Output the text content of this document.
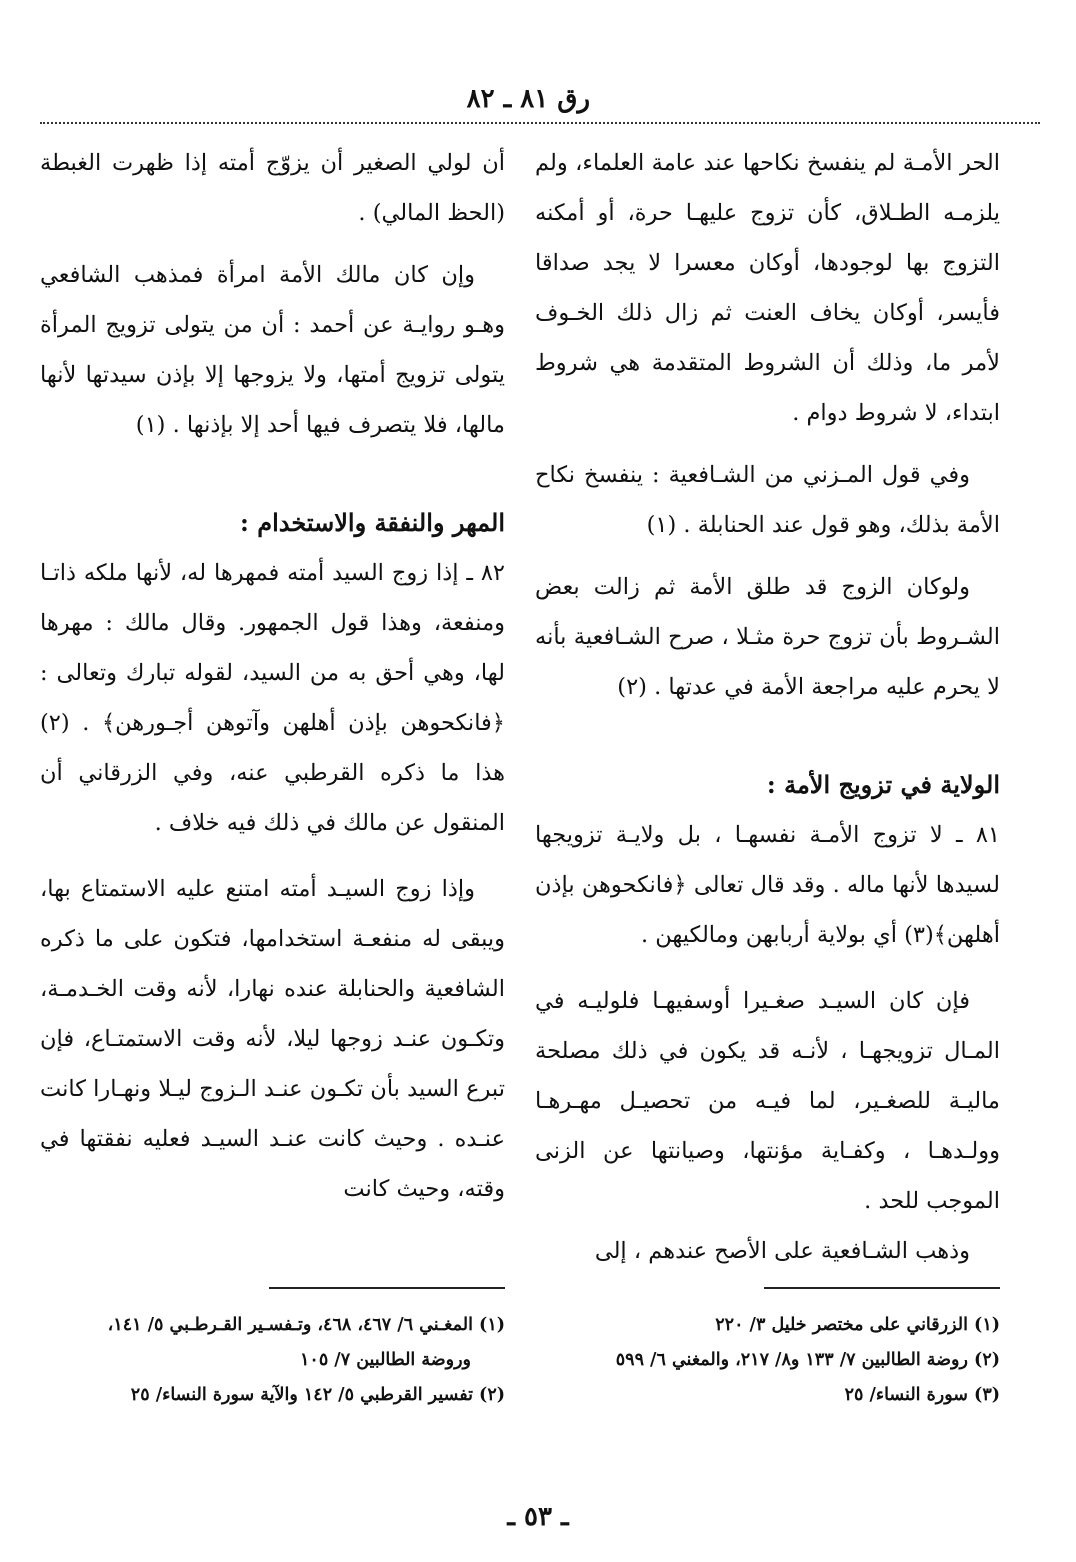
رق ٨١ ـ ٨٢

الحر الأمـة لم ينفسخ نكاحها عند عامة العلماء، ولم يلزمـه الطـلاق، كأن تزوج عليهـا حرة، أو أمكنه التزوج بها لوجودها، أوكان معسرا لا يجد صداقا فأيسر، أوكان يخاف العنت ثم زال ذلك الخـوف لأمر ما، وذلك أن الشروط المتقدمة هي شروط ابتداء، لا شروط دوام .

وفي قول المـزني من الشـافعية : ينفسخ نكاح الأمة بذلك، وهو قول عند الحنابلة . (١)

ولوكان الزوج قد طلق الأمة ثم زالت بعض الشـروط بأن تزوج حرة مثـلا ، صرح الشـافعية بأنه لا يحرم عليه مراجعة الأمة في عدتها . (٢)

الولاية في تزويج الأمة :

٨١ ـ لا تزوج الأمـة نفسهـا ، بل ولايـة تزويجها لسيدها لأنها ماله . وقد قال تعالى ﴿فانكحوهن بإذن أهلهن﴾(٣) أي بولاية أربابهن ومالكيهن .

فإن كان السيـد صغـيرا أوسفيهـا فلوليـه في المـال تزويجهـا ، لأنـه قد يكون في ذلك مصلحة ماليـة للصغـير، لما فيـه من تحصيـل مهـرهـا وولـدهـا ، وكفـاية مؤنتها، وصيانتها عن الزنى الموجب للحد .

وذهب الشـافعية على الأصح عندهم ، إلى

أن لولي الصغير أن يزوّج أمته إذا ظهرت الغبطة (الحظ المالي) .

وإن كان مالك الأمة امرأة فمذهب الشافعي وهـو روايـة عن أحمد : أن من يتولى تزويج المرأة يتولى تزويج أمتها، ولا يزوجها إلا بإذن سيدتها لأنها مالها، فلا يتصرف فيها أحد إلا بإذنها . (١)

المهر والنفقة والاستخدام :

٨٢ ـ إذا زوج السيد أمته فمهرها له، لأنها ملكه ذاتـا ومنفعة، وهذا قول الجمهور. وقال مالك : مهرها لها، وهي أحق به من السيد، لقوله تبارك وتعالى : ﴿فانكحوهن بإذن أهلهن وآتوهن أجـورهن﴾ . (٢) هذا ما ذكره القرطبي عنه، وفي الزرقاني أن المنقول عن مالك في ذلك فيه خلاف .

وإذا زوج السيـد أمته امتنع عليه الاستمتاع بها، ويبقى له منفعـة استخدامها، فتكون على ما ذكره الشافعية والحنابلة عنده نهارا، لأنه وقت الخـدمـة، وتكـون عنـد زوجها ليلا، لأنه وقت الاستمتـاع، فإن تبرع السيد بأن تكـون عنـد الـزوج ليـلا ونهـارا كانت عنـده . وحيث كانت عنـد السيـد فعليه نفقتها في وقته، وحيث كانت

(١) الزرقاني على مختصر خليل ٣/ ٢٢٠

(٢) روضة الطالبين ٧/ ١٣٣ و٨/ ٢١٧، والمغني ٦/ ٥٩٩

(٣) سورة النساء/ ٢٥

(١) المغـني ٦/ ٤٦٧، ٤٦٨، وتـفسـير القـرطـبي ٥/ ١٤١،

وروضة الطالبين ٧/ ١٠٥

(٢) تفسير القرطبي ٥/ ١٤٢ والآية سورة النساء/ ٢٥

ـ ٥٣ ـ
